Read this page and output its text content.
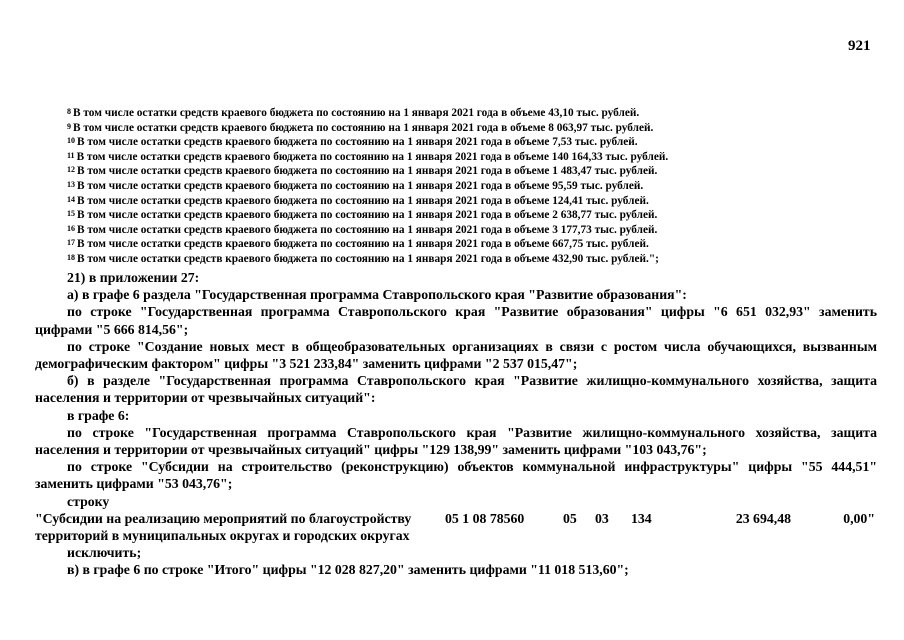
921
$^8$ В том числе остатки средств краевого бюджета по состоянию на 1 января 2021 года в объеме 43,10 тыс. рублей.
$^9$ В том числе остатки средств краевого бюджета по состоянию на 1 января 2021 года в объеме 8 063,97 тыс. рублей.
$^{10}$ В том числе остатки средств краевого бюджета по состоянию на 1 января 2021 года в объеме 7,53 тыс. рублей.
$^{11}$ В том числе остатки средств краевого бюджета по состоянию на 1 января 2021 года в объеме 140 164,33 тыс. рублей.
$^{12}$ В том числе остатки средств краевого бюджета по состоянию на 1 января 2021 года в объеме 1 483,47 тыс. рублей.
$^{13}$ В том числе остатки средств краевого бюджета по состоянию на 1 января 2021 года в объеме 95,59 тыс. рублей.
$^{14}$ В том числе остатки средств краевого бюджета по состоянию на 1 января 2021 года в объеме 124,41 тыс. рублей.
$^{15}$ В том числе остатки средств краевого бюджета по состоянию на 1 января 2021 года в объеме 2 638,77 тыс. рублей.
$^{16}$ В том числе остатки средств краевого бюджета по состоянию на 1 января 2021 года в объеме 3 177,73 тыс. рублей.
$^{17}$ В том числе остатки средств краевого бюджета по состоянию на 1 января 2021 года в объеме 667,75 тыс. рублей.
$^{18}$ В том числе остатки средств краевого бюджета по состоянию на 1 января 2021 года в объеме 432,90 тыс. рублей.";
21) в приложении 27:
а) в графе 6 раздела "Государственная программа Ставропольского края "Развитие образования":
по строке "Государственная программа Ставропольского края "Развитие образования" цифры "6 651 032,93" заменить цифрами "5 666 814,56";
по строке "Создание новых мест в общеобразовательных организациях в связи с ростом числа обучающихся, вызванным демографическим фактором" цифры "3 521 233,84" заменить цифрами "2 537 015,47";
б) в разделе "Государственная программа Ставропольского края "Развитие жилищно-коммунального хозяйства, защита населения и территории от чрезвычайных ситуаций":
в графе 6:
по строке "Государственная программа Ставропольского края "Развитие жилищно-коммунального хозяйства, защита населения и территории от чрезвычайных ситуаций" цифры "129 138,99" заменить цифрами "103 043,76";
по строке "Субсидии на строительство (реконструкцию) объектов коммунальной инфраструктуры" цифры "55 444,51" заменить цифрами "53 043,76";
строку
"Субсидии на реализацию мероприятий по благоустройству территорий в муниципальных округах и городских округах
05 1 08 78560	05	03	134	23 694,48	0,00"
исключить;
в) в графе 6 по строке "Итого" цифры "12 028 827,20" заменить цифрами "11 018 513,60";
